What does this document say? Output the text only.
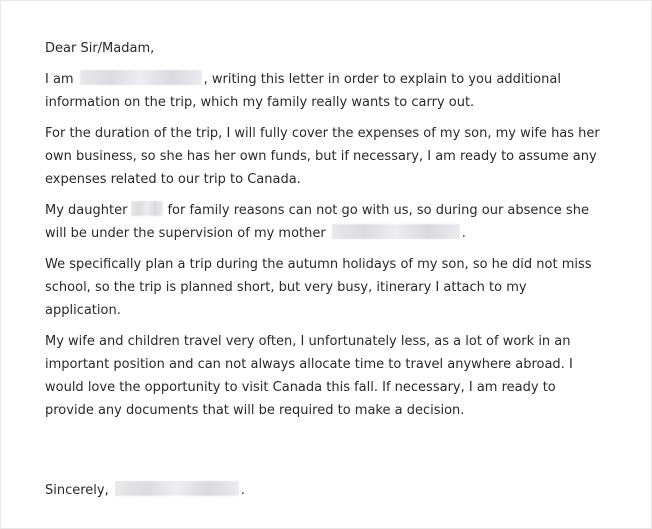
Dear Sir/Madam,

I am	, writing this letter in order to explain to you additional information on the trip, which my family really wants to carry out.

For the duration of the trip, I will fully cover the expenses of my son, my wife has her own business, so she has her own funds, but if necessary, I am ready to assume any expenses related to our trip to Canada.

My daughter	for family reasons can not go with us, so during our absence she will be under the supervision of my mother	.

We specifically plan a trip during the autumn holidays of my son, so he did not miss school, so the trip is planned short, but very busy, itinerary I attach to my application.

My wife and children travel very often, I unfortunately less, as a lot of work in an important position and can not always allocate time to travel anywhere abroad. I would love the opportunity to visit Canada this fall. If necessary, I am ready to provide any documents that will be required to make a decision.

Sincerely,	.
